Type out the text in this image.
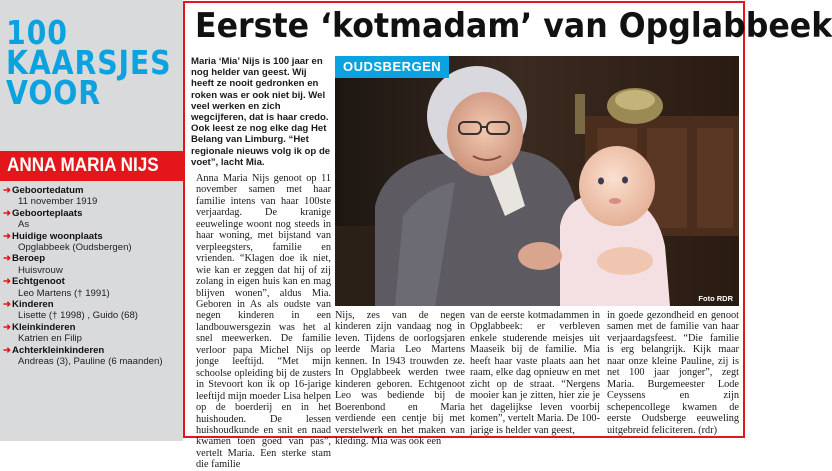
100
KAARSJES
VOOR
ANNA MARIA NIJS
➜Geboortedatum
11 november 1919
➜Geboorteplaats
As
➜Huidige woonplaats
Opglabbeek (Oudsbergen)
➜Beroep
Huisvrouw
➜Echtgenoot
Leo Martens († 1991)
➜Kinderen
Lisette († 1998) , Guido (68)
➜Kleinkinderen
Katrien en Filip
➜Achterkleinkinderen
Andreas (3), Pauline (6 maanden)
Eerste ‘kotmadam’ van Opglabbeek

Maria ‘Mia’ Nijs is 100 jaar en nog helder van geest. Wij heeft ze nooit gedronken en roken was er ook niet bij. Wel veel werken en zich wegcijferen, dat is haar credo. Ook leest ze nog elke dag Het Belang van Limburg. “Het regionale nieuws volg ik op de voet”, lacht Mia.

OUDSBERGEN
Foto RDR

Anna Maria Nijs genoot op 11 november samen met haar familie intens van haar 100ste verjaardag. De kranige eeuwelinge woont nog steeds in haar woning, met bijstand van verpleegsters, familie en vrienden. “Klagen doe ik niet, wie kan er zeggen dat hij of zij zolang in eigen huis kan en mag blijven wonen”, aldus Mia. Geboren in As als oudste van negen kinderen in een landbouwersgezin was het al snel meewerken. De familie verloor papa Michel Nijs op jonge leeftijd. “Met mijn schoolse opleiding bij de zusters in Stevoort kon ik op 16-jarige leeftijd mijn moeder Lisa helpen op de boerderij en in het huishouden. De lessen huishoudkunde en snit en naad kwamen toen goed van pas”, vertelt Maria. Een sterke stam die familie

Nijs, zes van de negen kinderen zijn vandaag nog in leven. Tijdens de oorlogsjaren leerde Maria Leo Martens kennen. In 1943 trouwden ze. In Opglabbeek werden twee kinderen geboren. Echtgenoot Leo was bediende bij de Boerenbond en Maria verdiende een centje bij met verstelwerk en het maken van kleding. Mia was ook een

van de eerste kotmadammen in Opglabbeek: er verbleven enkele studerende meisjes uit Maaseik bij de familie. Mia heeft haar vaste plaats aan het raam, elke dag opnieuw en met zicht op de straat. “Nergens mooier kan je zitten, hier zie je het dagelijkse leven voorbij komen”, vertelt Maria. De 100-jarige is helder van geest,

in goede gezondheid en genoot samen met de familie van haar verjaardagsfeest. “Die familie is erg belangrijk. Kijk maar naar onze kleine Pauline, zij is net 100 jaar jonger”, zegt Maria. Burgemeester Lode Ceyssens en zijn schepencollege kwamen de eerste Oudsberge eeuweling uitgebreid feliciteren. (rdr)
